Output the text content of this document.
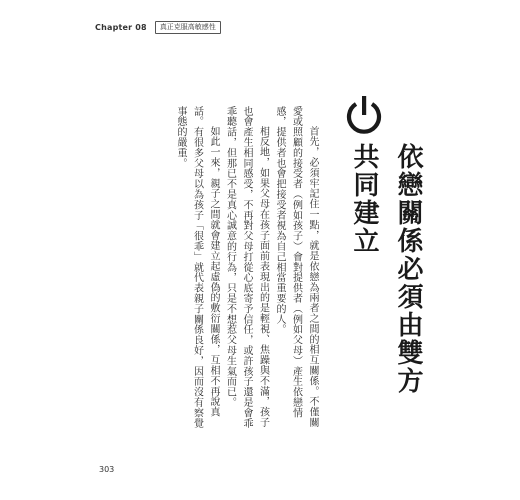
Chapter 08	真正克服高敏感性
依戀關係必須由雙方共同建立

首先，必須牢記住一點，就是依戀為兩者之間的相互關係。不僅關愛或照顧的接受者（例如孩子）會對提供者（例如父母）產生依戀情感，提供者也會把接受者視為自己相當重要的人。

相反地，如果父母在孩子面前表現出的是輕視、焦躁與不滿，孩子也會產生相同感受，不再對父母打從心底寄予信任，或許孩子還是會乖乖聽話，但那已不是真心誠意的行為，只是不想惹父母生氣而已。

如此一來，親子之間就會建立起虛偽的敷衍關係，互相不再說真話。有很多父母以為孩子「很乖」就代表親子關係良好，因而沒有察覺事態的嚴重。

303
